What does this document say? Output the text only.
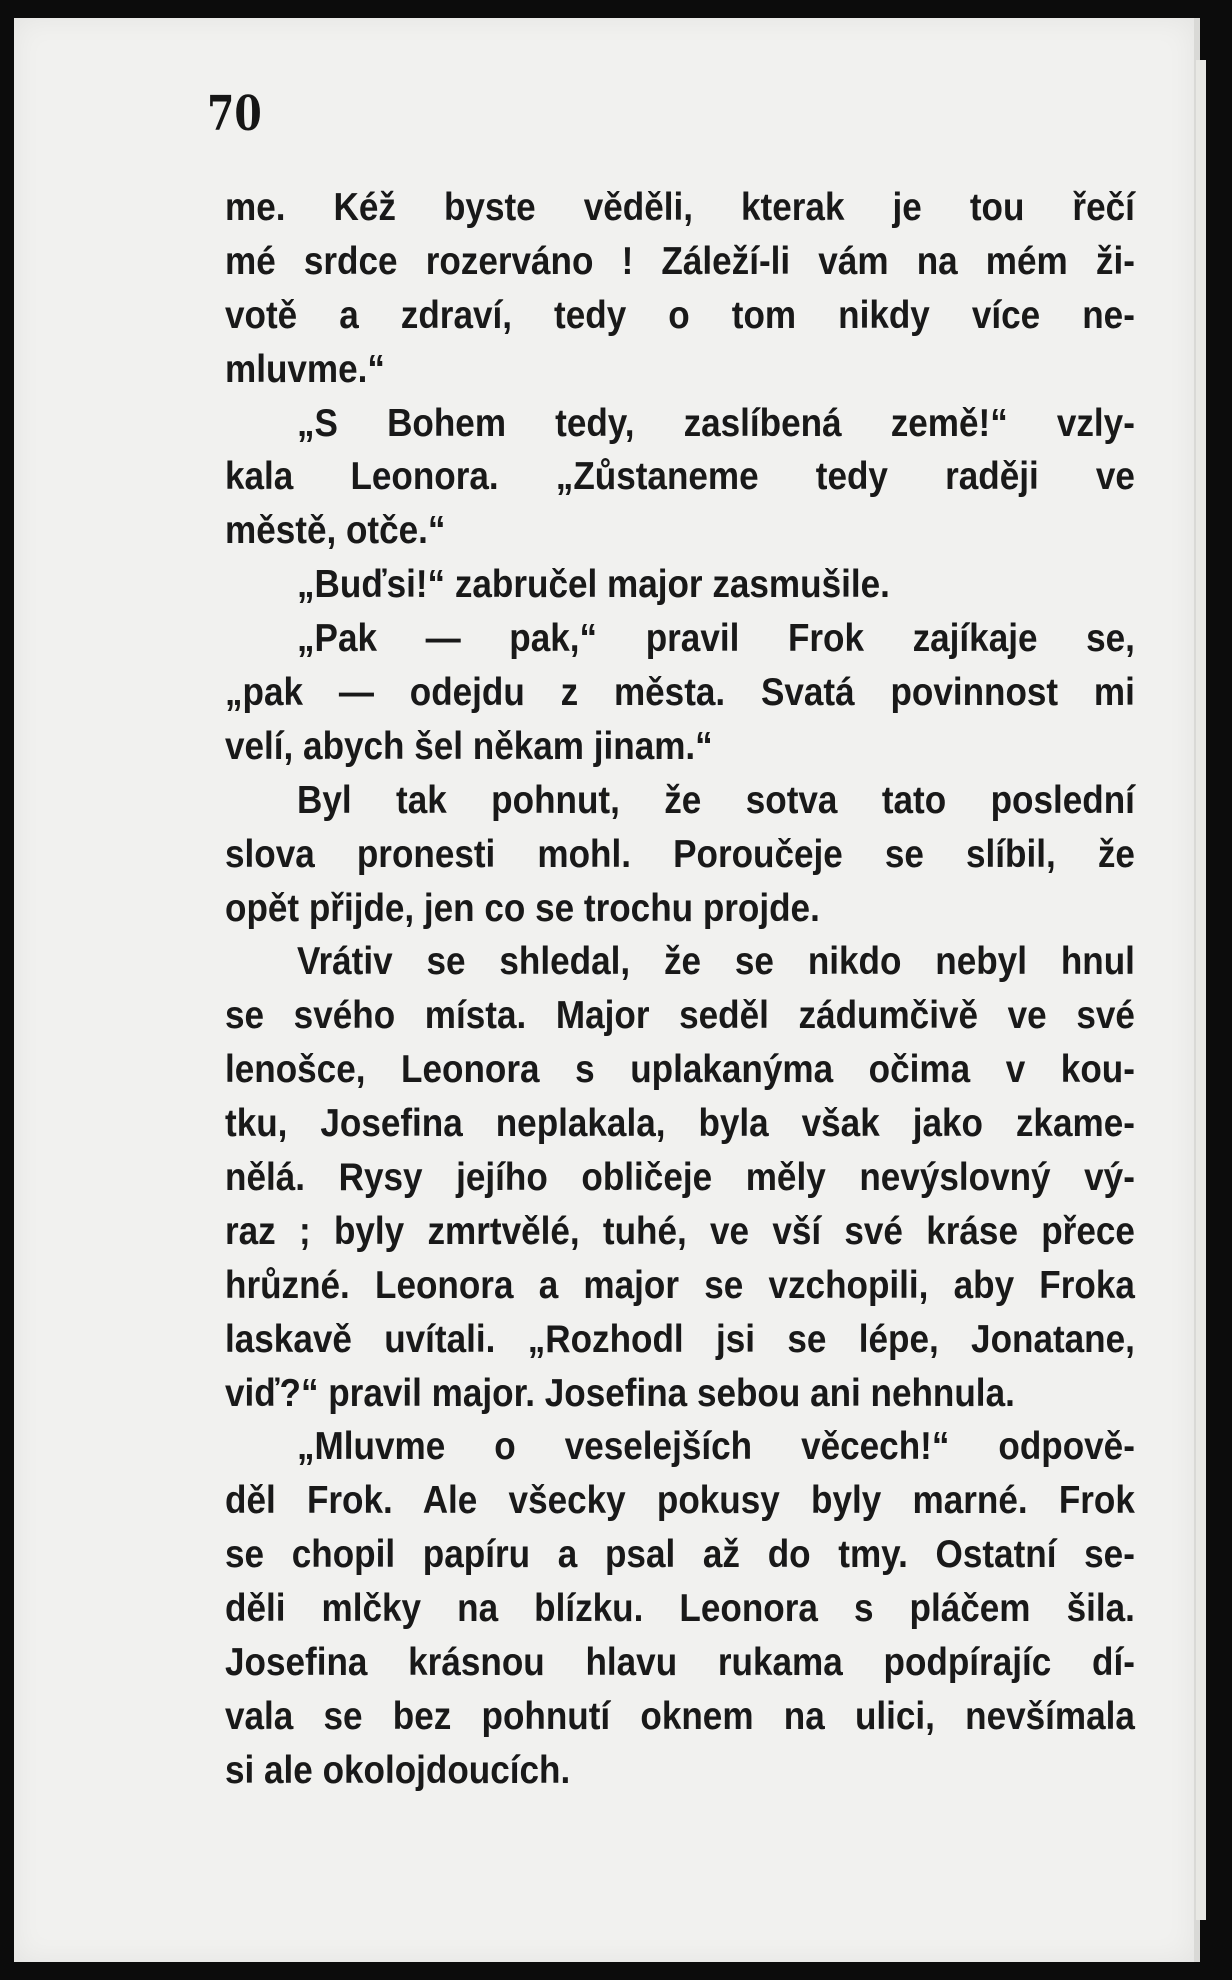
70
me. Kéž byste věděli, kterak je tou řečí
mé srdce rozerváno ! Záleží-li vám na mém ži-
votě a zdraví, tedy o tom nikdy více ne-
mluvme.“
„S Bohem tedy, zaslíbená země!“ vzly-
kala Leonora. „Zůstaneme tedy raději ve
městě, otče.“
„Buďsi!“ zabručel major zasmušile.
„Pak — pak,“ pravil Frok zajíkaje se,
„pak — odejdu z města. Svatá povinnost mi
velí, abych šel někam jinam.“
Byl tak pohnut, že sotva tato poslední
slova pronesti mohl. Poroučeje se slíbil, že
opět přijde, jen co se trochu projde.
Vrátiv se shledal, že se nikdo nebyl hnul
se svého místa. Major seděl zádumčivě ve své
lenošce, Leonora s uplakanýma očima v kou-
tku, Josefina neplakala, byla však jako zkame-
nělá. Rysy jejího obličeje měly nevýslovný vý-
raz ; byly zmrtvělé, tuhé, ve vší své kráse přece
hrůzné. Leonora a major se vzchopili, aby Froka
laskavě uvítali. „Rozhodl jsi se lépe, Jonatane,
viď?“ pravil major. Josefina sebou ani nehnula.
„Mluvme o veselejších věcech!“ odpově-
děl Frok. Ale všecky pokusy byly marné. Frok
se chopil papíru a psal až do tmy. Ostatní se-
děli mlčky na blízku. Leonora s pláčem šila.
Josefina krásnou hlavu rukama podpírajíc dí-
vala se bez pohnutí oknem na ulici, nevšímala
si ale okolojdoucích.
